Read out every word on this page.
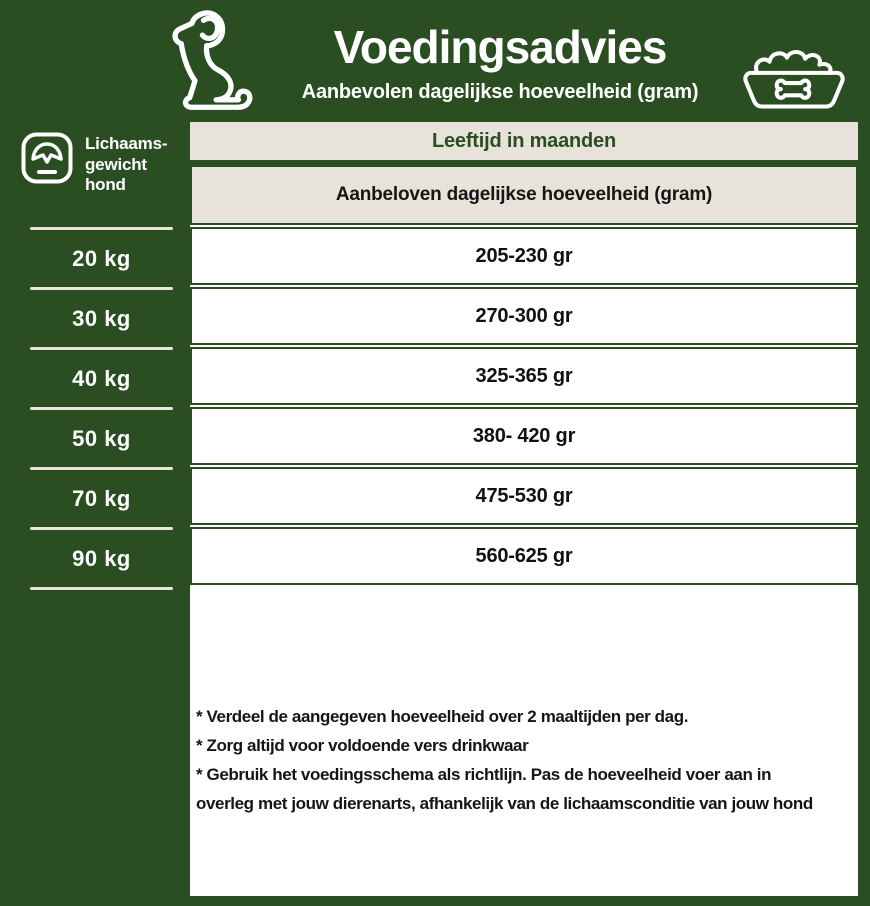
Voedingsadvies
Aanbevolen dagelijkse hoeveelheid (gram)
Lichaams-
gewicht
hond
20 kg
30 kg
40 kg
50 kg
70 kg
90 kg
Leeftijd in maanden
Aanbeloven dagelijkse hoeveelheid (gram)
205-230 gr
270-300 gr
325-365 gr
380- 420 gr
475-530 gr
560-625 gr

* Verdeel de aangegeven hoeveelheid over 2 maaltijden per dag.

* Zorg altijd voor voldoende vers drinkwaar

* Gebruik het voedingsschema als richtlijn. Pas de hoeveelheid voer aan in overleg met jouw dierenarts, afhankelijk van de lichaamsconditie van jouw hond
